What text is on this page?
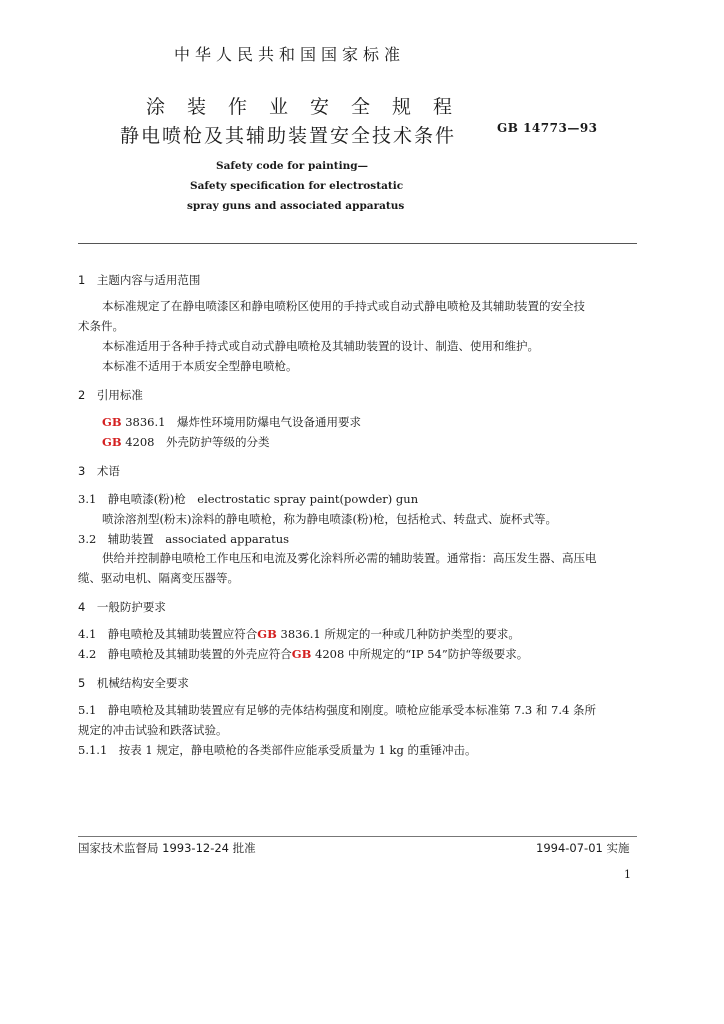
中华人民共和国国家标准
涂装作业安全规程
静电喷枪及其辅助装置安全技术条件	GB 14773—93
Safety code for painting—
Safety specification for electrostatic
spray guns and associated apparatus
1　主题内容与适用范围
本标准规定了在静电喷漆区和静电喷粉区使用的手持式或自动式静电喷枪及其辅助装置的安全技
术条件。
本标准适用于各种手持式或自动式静电喷枪及其辅助装置的设计、制造、使用和维护。
本标准不适用于本质安全型静电喷枪。
2　引用标准
GB 3836.1　爆炸性环境用防爆电气设备通用要求
GB 4208　外壳防护等级的分类
3　术语
3.1　静电喷漆(粉)枪　electrostatic spray paint(powder) gun
喷涂溶剂型(粉末)涂料的静电喷枪，称为静电喷漆(粉)枪，包括枪式、转盘式、旋杯式等。
3.2　辅助装置　associated apparatus
供给并控制静电喷枪工作电压和电流及雾化涂料所必需的辅助装置。通常指：高压发生器、高压电
缆、驱动电机、隔离变压器等。
4　一般防护要求
4.1　静电喷枪及其辅助装置应符合GB 3836.1 所规定的一种或几种防护类型的要求。
4.2　静电喷枪及其辅助装置的外壳应符合GB 4208 中所规定的“IP 54”防护等级要求。
5　机械结构安全要求
5.1　静电喷枪及其辅助装置应有足够的壳体结构强度和刚度。喷枪应能承受本标准第 7.3 和 7.4 条所
规定的冲击试验和跌落试验。
5.1.1　按表 1 规定，静电喷枪的各类部件应能承受质量为 1 kg 的重锤冲击。
国家技术监督局 1993-12-24 批准	1994-07-01 实施
1
